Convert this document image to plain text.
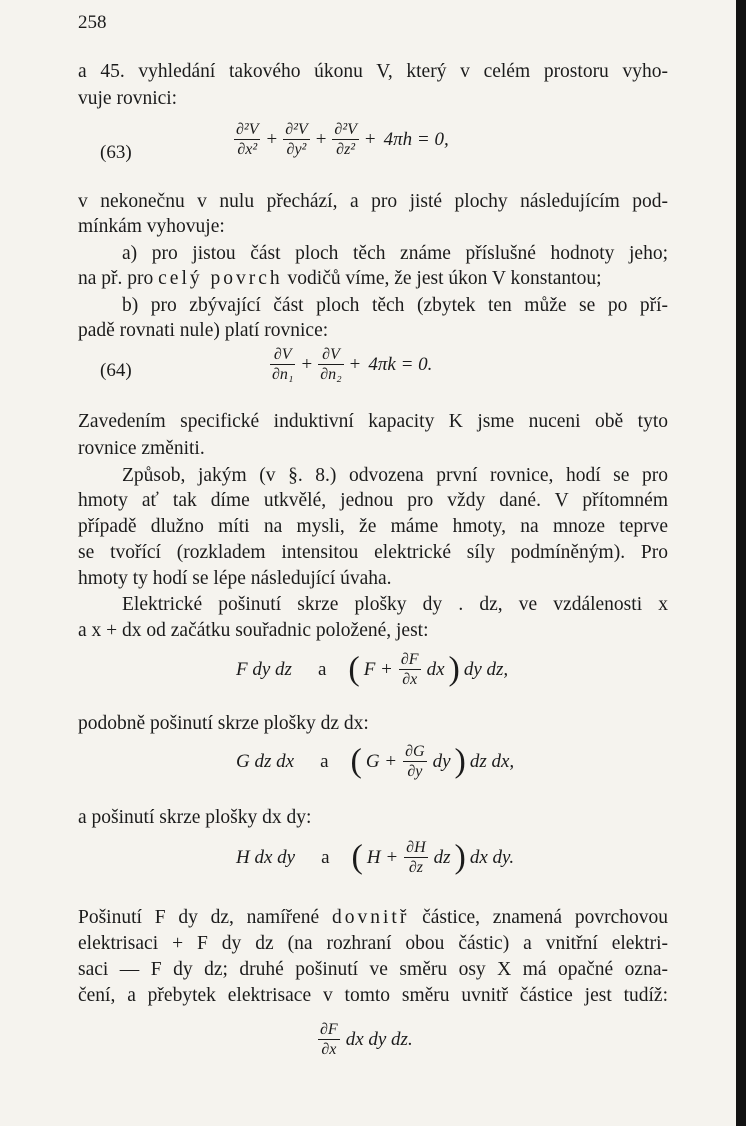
258
a 45. vyhledání takového úkonu V, který v celém prostoru vyho-
vuje rovnici:
(63)	$\frac{\text{∂²V}}{\text{∂x²}} + \frac{\text{∂²V}}{\text{∂y²}} + \frac{\text{∂²V}}{\text{∂z²}} + 4\pi h = 0$,
v nekonečnu v nulu přechází, a pro jisté plochy následujícím pod-
mínkám vyhovuje:
a) pro jistou část ploch těch známe příslušné hodnoty jeho;
na př. pro celý povrch vodičů víme, že jest úkon V konstantou;
b) pro zbývající část ploch těch (zbytek ten může se po pří-
padě rovnati nule) platí rovnice:
(64)	$\frac{\partial V}{\text{∂n₁}} + \frac{\partial V}{\text{∂n₂}} + 4\pi k = 0$.
Zavedením specifické induktivní kapacity K jsme nuceni obě tyto
rovnice změniti.
Způsob, jakým (v §. 8.) odvozena první rovnice, hodí se pro
hmoty ať tak díme utkvělé, jednou pro vždy dané. V přítomném
případě dlužno míti na mysli, že máme hmoty, na mnoze teprve
se tvořící (rozkladem intensitou elektrické síly podmíněným). Pro
hmoty ty hodí se lépe následující úvaha.
Elektrické pošinutí skrze plošky dy . dz, ve vzdálenosti x
a x + dx od začátku souřadnic položené, jest:
F dy dz a ( $F + \frac{\partial F}{\partial x}$ dx ) dy dz,
podobně pošinutí skrze plošky dz dx:
G dz dx a ( $G + \frac{\partial G}{\partial y}$ dy ) dz dx,
a pošinutí skrze plošky dx dy:
H dx dy a ( $H + \frac{\partial H}{\partial z}$ dz ) dx dy.
Pošinutí F dy dz, namířené dovnitř částice, znamená povrchovou
elektrisaci + F dy dz (na rozhraní obou částic) a vnitřní elektri-
saci — F dy dz; druhé pošinutí ve směru osy X má opačné ozna-
čení, a přebytek elektrisace v tomto směru uvnitř částice jest tudíž:
$\frac{\partial F}{\partial x}$ dx dy dz.
